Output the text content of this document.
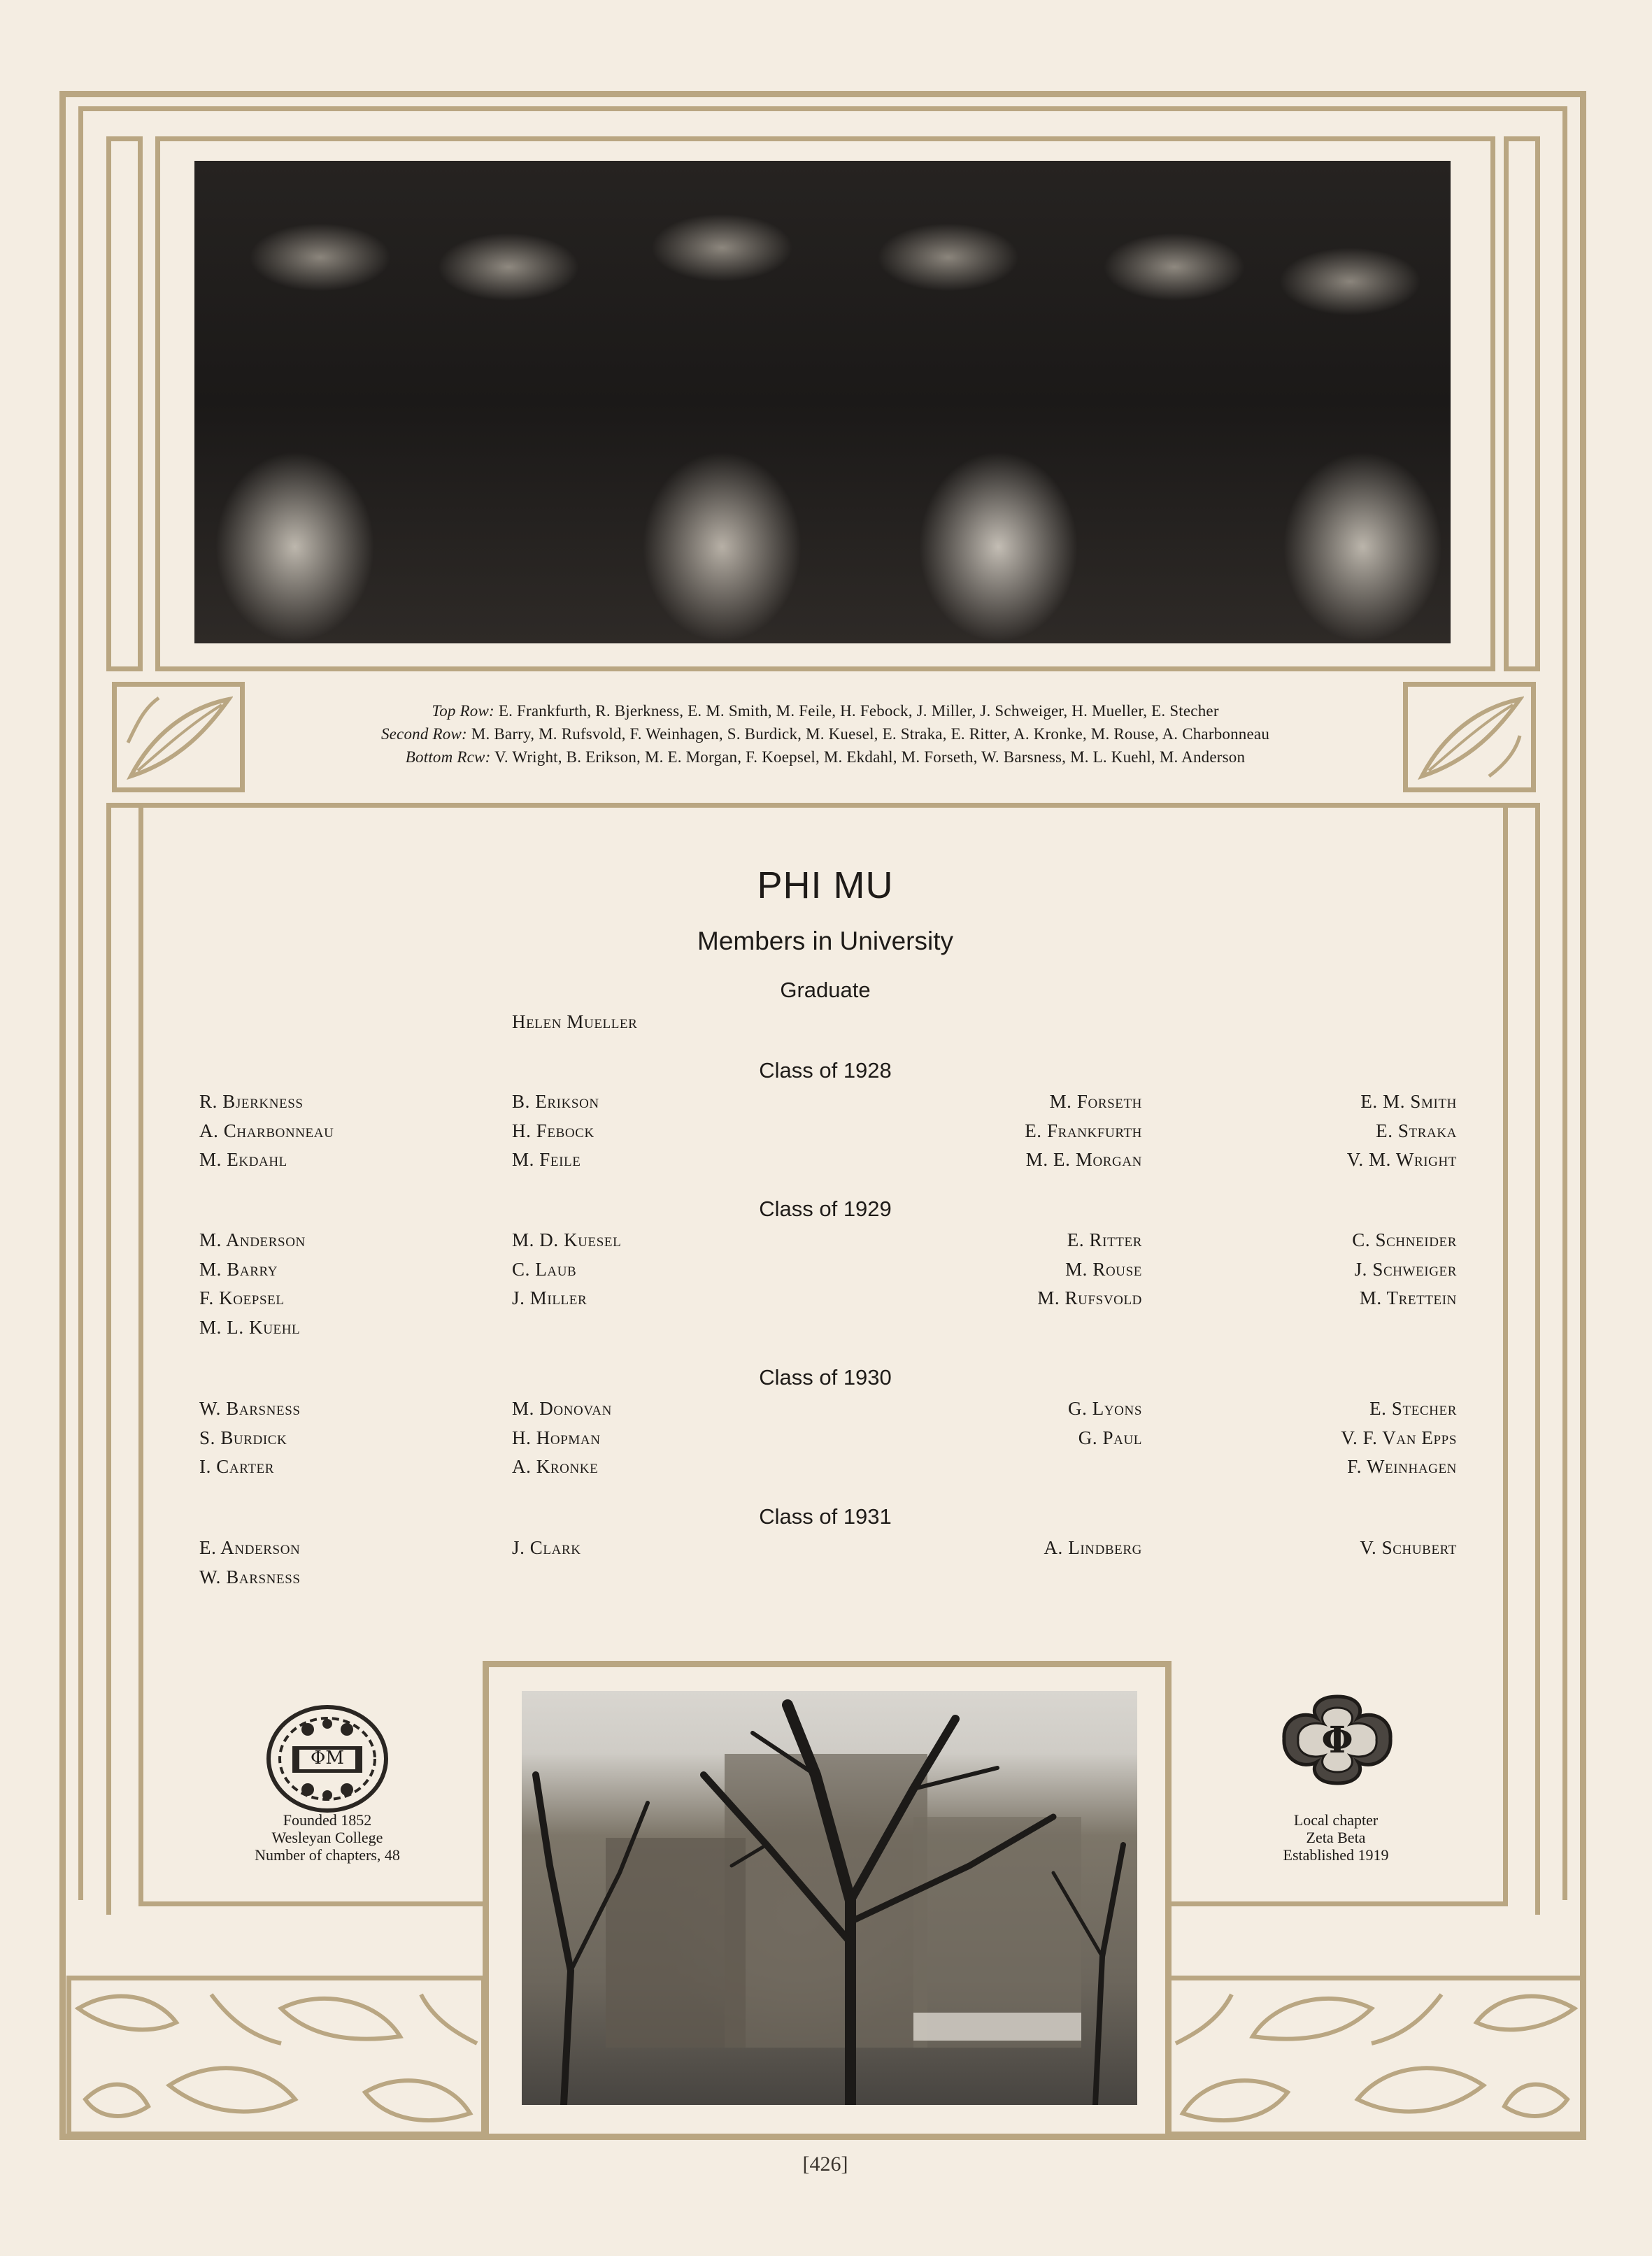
Top Row: E. Frankfurth, R. Bjerkness, E. M. Smith, M. Feile, H. Febock, J. Miller, J. Schweiger, H. Mueller, E. Stecher
Second Row: M. Barry, M. Rufsvold, F. Weinhagen, S. Burdick, M. Kuesel, E. Straka, E. Ritter, A. Kronke, M. Rouse, A. Charbonneau
Bottom Rcw: V. Wright, B. Erikson, M. E. Morgan, F. Koepsel, M. Ekdahl, M. Forseth, W. Barsness, M. L. Kuehl, M. Anderson
PHI MU
Members in University
Graduate
Helen Mueller
Class of 1928
R. Bjerkness
A. Charbonneau
M. Ekdahl
B. Erikson
H. Febock
M. Feile
M. Forseth
E. Frankfurth
M. E. Morgan
E. M. Smith
E. Straka
V. M. Wright
Class of 1929
M. Anderson
M. Barry
F. Koepsel
M. L. Kuehl
M. D. Kuesel
C. Laub
J. Miller
E. Ritter
M. Rouse
M. Rufsvold
C. Schneider
J. Schweiger
M. Trettein
Class of 1930
W. Barsness
S. Burdick
I. Carter
M. Donovan
H. Hopman
A. Kronke
G. Lyons
G. Paul
E. Stecher
V. F. Van Epps
F. Weinhagen
Class of 1931
E. Anderson
W. Barsness
J. Clark	A. Lindberg	V. Schubert
ΦM
Founded 1852
Wesleyan College
Number of chapters, 48
Φ
Local chapter
Zeta Beta
Established 1919
[426]
